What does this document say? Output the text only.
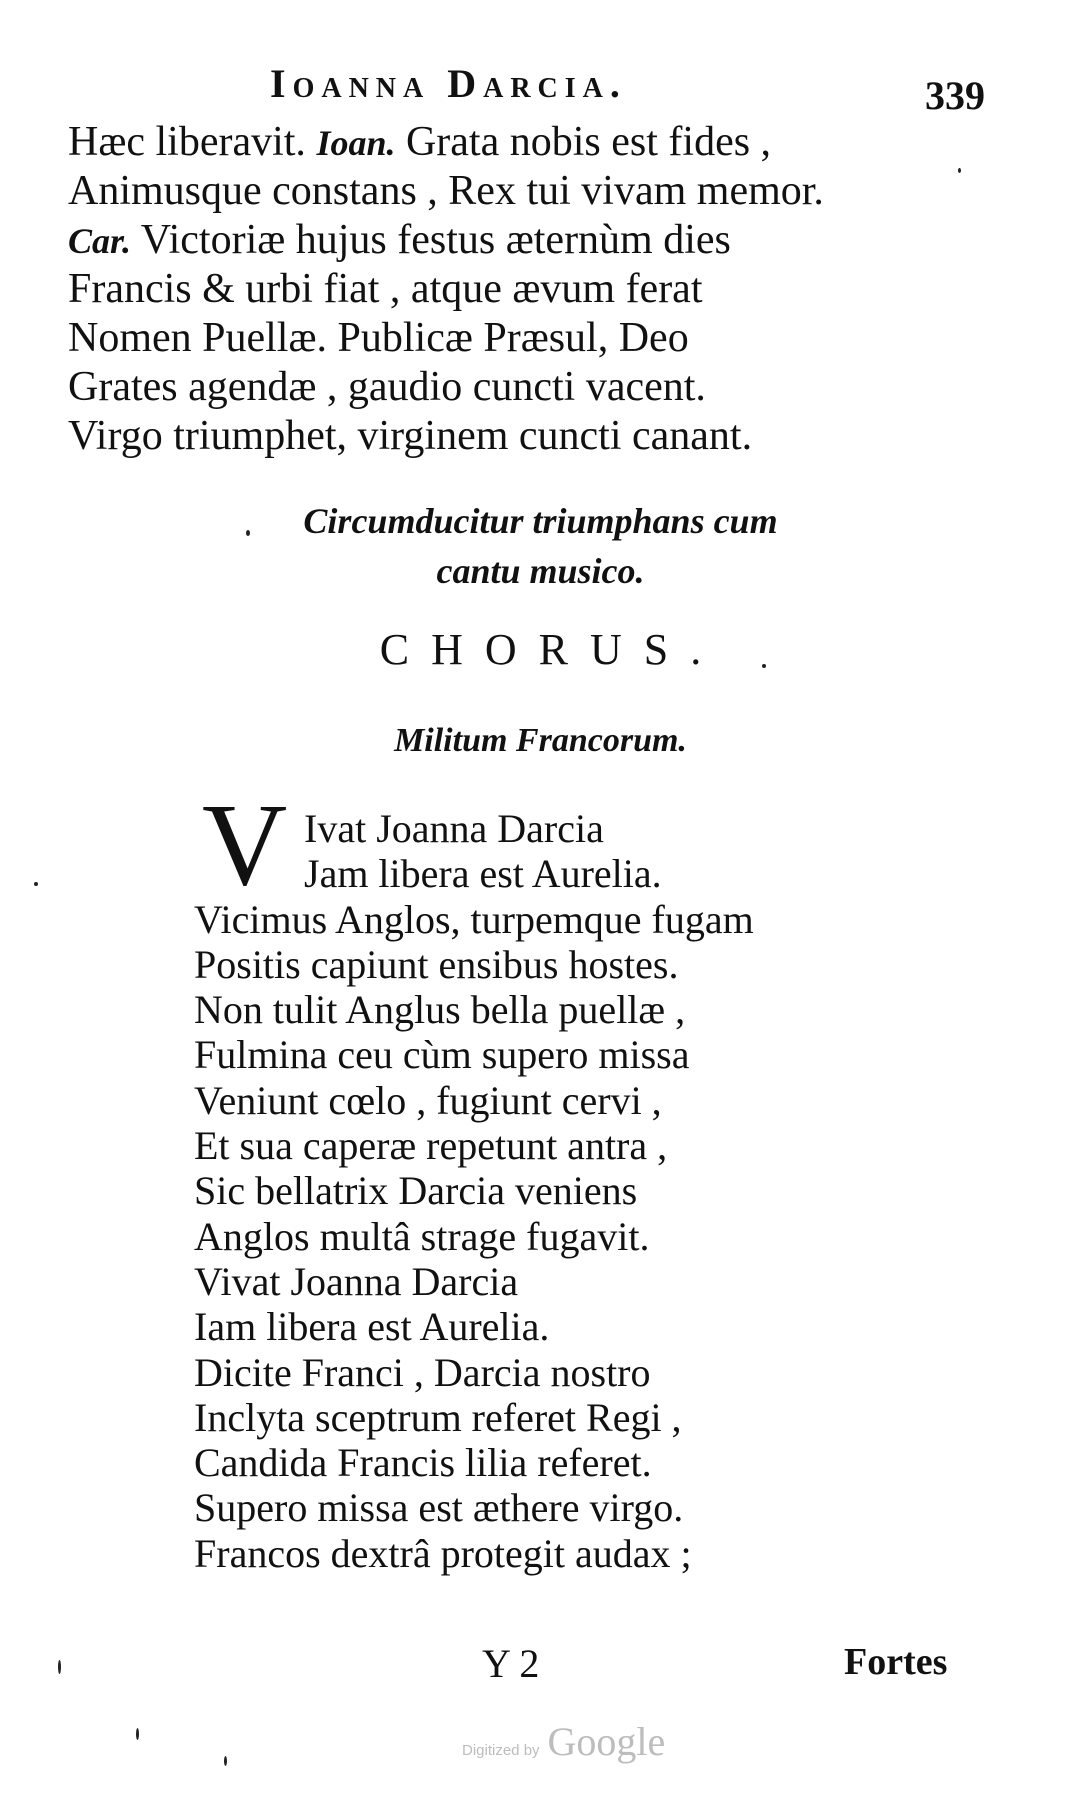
Ioanna Darcia.	339
Hæc liberavit. Ioan. Grata nobis est fides ,
Animusque constans , Rex tui vivam memor.
Car. Victoriæ hujus festus æternùm dies
Francis & urbi fiat , atque ævum ferat
Nomen Puellæ. Publicæ Præsul, Deo
Grates agendæ , gaudio cuncti vacent.
Virgo triumphet, virginem cuncti canant.
Circumducitur triumphans cum
cantu musico.
CHORUS.
Militum Francorum.
V Ivat Joanna Darcia
Jam libera est Aurelia.
Vicimus Anglos, turpemque fugam
Positis capiunt ensibus hostes.
Non tulit Anglus bella puellæ ,
Fulmina ceu cùm supero missa
Veniunt cœlo , fugiunt cervi ,
Et sua caperæ repetunt antra ,
Sic bellatrix Darcia veniens
Anglos multâ strage fugavit.
Vivat Joanna Darcia
Iam libera est Aurelia.
Dicite Franci , Darcia nostro
Inclyta sceptrum referet Regi ,
Candida Francis lilia referet.
Supero missa est æthere virgo.
Francos dextrâ protegit audax ;
Y 2	Fortes
Digitized by Google
